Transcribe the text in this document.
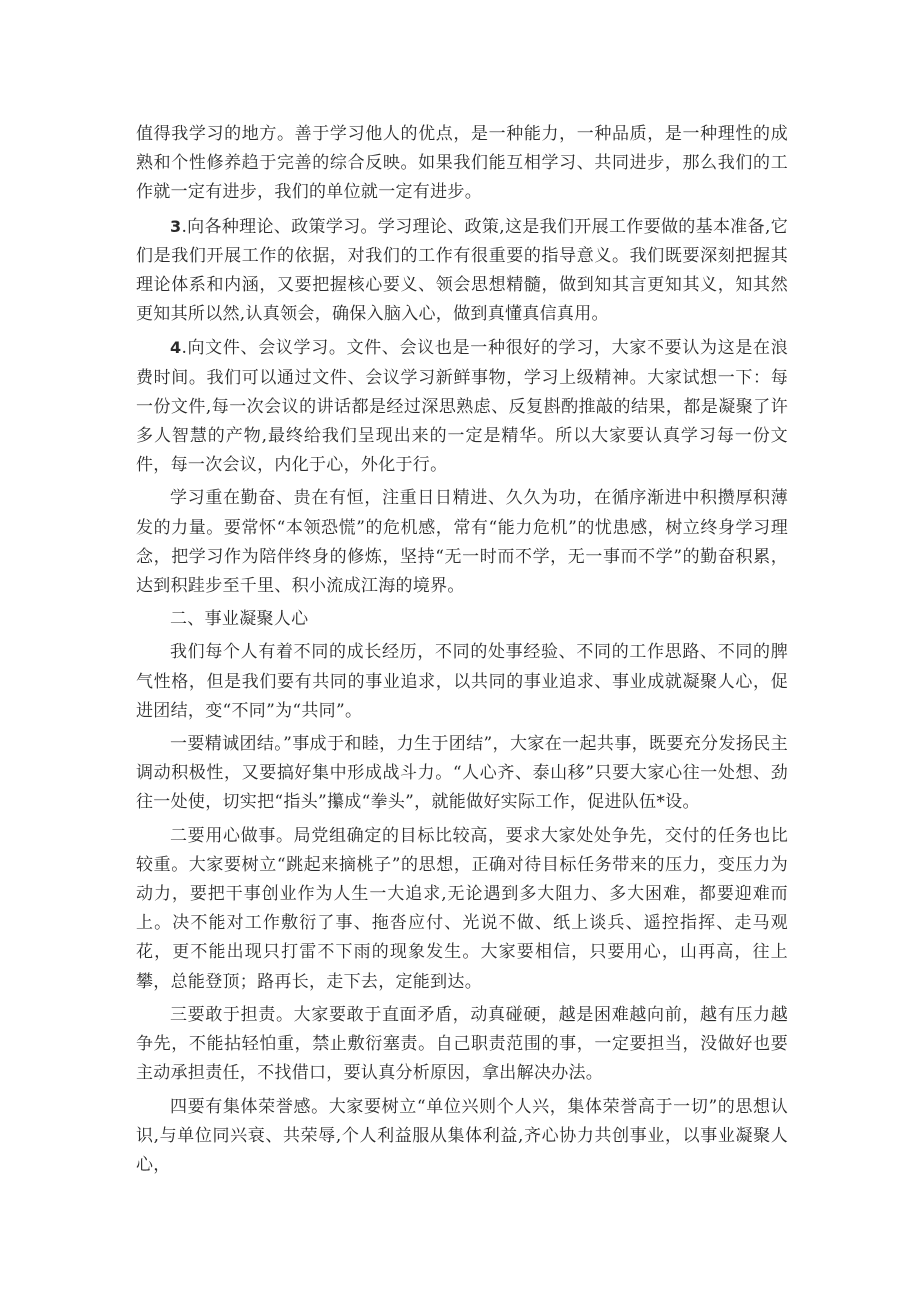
值得我学习的地方。善于学习他人的优点，是一种能力，一种品质，是一种理性的成熟和个性修养趋于完善的综合反映。如果我们能互相学习、共同进步，那么我们的工作就一定有进步，我们的单位就一定有进步。

3.向各种理论、政策学习。学习理论、政策,这是我们开展工作要做的基本准备,它们是我们开展工作的依据，对我们的工作有很重要的指导意义。我们既要深刻把握其理论体系和内涵，又要把握核心要义、领会思想精髓，做到知其言更知其义，知其然更知其所以然,认真领会，确保入脑入心，做到真懂真信真用。

4.向文件、会议学习。文件、会议也是一种很好的学习，大家不要认为这是在浪费时间。我们可以通过文件、会议学习新鲜事物，学习上级精神。大家试想一下：每一份文件,每一次会议的讲话都是经过深思熟虑、反复斟酌推敲的结果，都是凝聚了许多人智慧的产物,最终给我们呈现出来的一定是精华。所以大家要认真学习每一份文件，每一次会议，内化于心，外化于行。

学习重在勤奋、贵在有恒，注重日日精进、久久为功，在循序渐进中积攒厚积薄发的力量。要常怀“本领恐慌”的危机感，常有“能力危机”的忧患感，树立终身学习理念，把学习作为陪伴终身的修炼，坚持“无一时而不学，无一事而不学”的勤奋积累，达到积跬步至千里、积小流成江海的境界。

二、事业凝聚人心

我们每个人有着不同的成长经历，不同的处事经验、不同的工作思路、不同的脾气性格，但是我们要有共同的事业追求，以共同的事业追求、事业成就凝聚人心，促进团结，变“不同”为“共同”。

一要精诚团结。”事成于和睦，力生于团结”，大家在一起共事，既要充分发扬民主调动积极性，又要搞好集中形成战斗力。“人心齐、泰山移”只要大家心往一处想、劲往一处使，切实把“指头”攥成“拳头”，就能做好实际工作，促进队伍*设。

二要用心做事。局党组确定的目标比较高，要求大家处处争先，交付的任务也比较重。大家要树立“跳起来摘桃子”的思想，正确对待目标任务带来的压力，变压力为动力，要把干事创业作为人生一大追求,无论遇到多大阻力、多大困难，都要迎难而上。决不能对工作敷衍了事、拖沓应付、光说不做、纸上谈兵、遥控指挥、走马观花，更不能出现只打雷不下雨的现象发生。大家要相信，只要用心，山再高，往上攀，总能登顶；路再长，走下去，定能到达。

三要敢于担责。大家要敢于直面矛盾，动真碰硬，越是困难越向前，越有压力越争先，不能拈轻怕重，禁止敷衍塞责。自己职责范围的事，一定要担当，没做好也要主动承担责任，不找借口，要认真分析原因，拿出解决办法。

四要有集体荣誉感。大家要树立“单位兴则个人兴，集体荣誉高于一切”的思想认识,与单位同兴衰、共荣辱,个人利益服从集体利益,齐心协力共创事业，以事业凝聚人心，
